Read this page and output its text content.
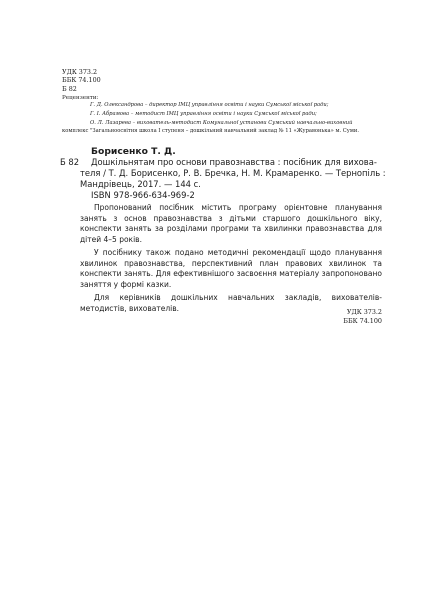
УДК 373.2
ББК 74.100
Б 82
Рецензенти:
Г. Д. Олександрова – директор ІМЦ управління освіти і науки Сумської міської ради;
Г. І. Абрамова – методист ІМЦ управління освіти і науки Сумської міської ради;
О. Л. Лазарева – вихователь-методист Комунальної установи Сумський навчально-виховний
комплекс "Загальноосвітня школа І ступеня – дошкільний навчальний заклад № 11 «Журавонька» м. Суми.
Борисенко Т. Д.
Б 82 Дошкільнятам про основи правознавства : посібник для вихова-
теля / Т. Д. Борисенко, Р. В. Бречка, Н. М. Крамаренко. — Тернопіль :
Мандрівець, 2017. — 144 с.
ISBN 978-966-634-969-2

Пропонований посібник містить програму орієнтовне планування занять з основ правознавства з дітьми старшого дошкільного віку, конспекти занять за розділами програми та хвилинки правознавства для дітей 4–5 років.

У посібнику також подано методичні рекомендації щодо планування хвилинок правознавства, перспективний план правових хвилинок та конспекти занять. Для ефективнішого засвоєння матеріалу запропоновано заняття у формі казки.

Для керівників дошкільних навчальних закладів, вихователів-методистів, вихователів.	УДК 373.2
ББК 74.100
